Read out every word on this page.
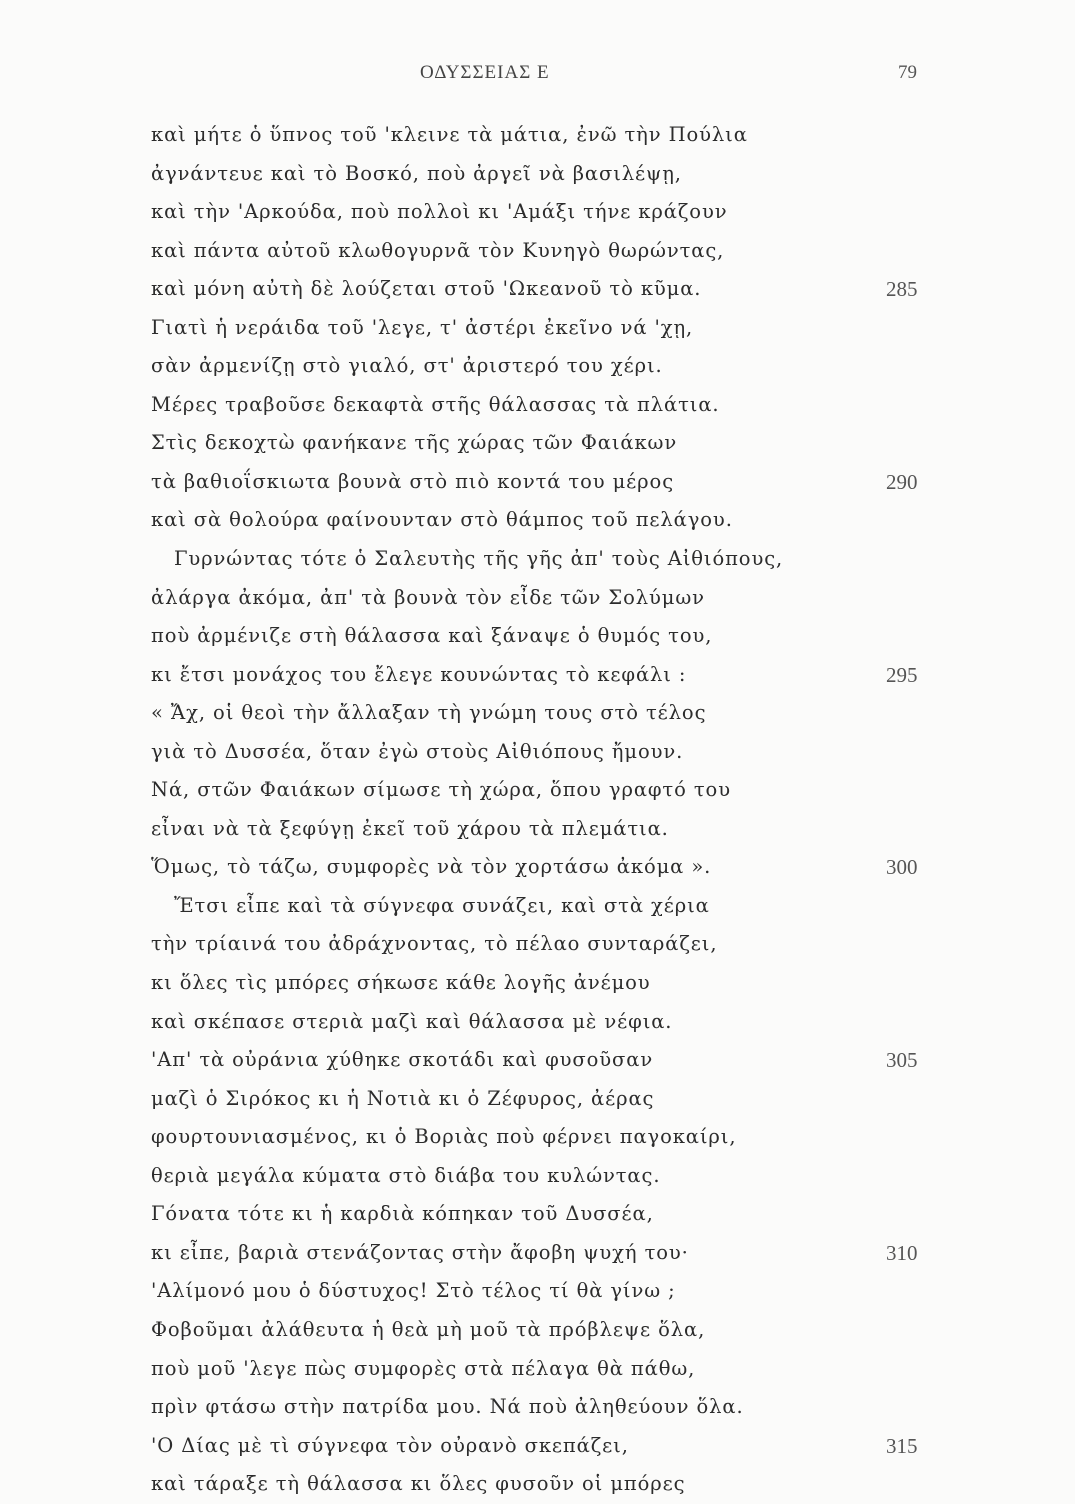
ΟΔΥΣΣΕΙΑΣ Ε	79
καὶ μήτε ὁ ὕπνος τοῦ 'κλεινε τὰ μάτια, ἐνῶ τὴν Πούλια
ἀγνάντευε καὶ τὸ Βοσκό, ποὺ ἀργεῖ νὰ βασιλέψῃ,
καὶ τὴν 'Αρκούδα, ποὺ πολλοὶ κι 'Αμάξι τήνε κράζουν
καὶ πάντα αὐτοῦ κλωθογυρνᾶ τὸν Κυνηγὸ θωρώντας,
καὶ μόνη αὐτὴ δὲ λούζεται στοῦ 'Ωκεανοῦ τὸ κῦμα.	285
Γιατὶ ἡ νεράιδα τοῦ 'λεγε, τ' ἀστέρι ἐκεῖνο νά 'χῃ,
σὰν ἀρμενίζῃ στὸ γιαλό, στ' ἀριστερό του χέρι.
Μέρες τραβοῦσε δεκαφτὰ στῆς θάλασσας τὰ πλάτια.
Στὶς δεκοχτὼ φανήκανε τῆς χώρας τῶν Φαιάκων
τὰ βαθιοΐσκιωτα βουνὰ στὸ πιὸ κοντά του μέρος	290
καὶ σὰ θολούρα φαίνουνταν στὸ θάμπος τοῦ πελάγου.
Γυρνώντας τότε ὁ Σαλευτὴς τῆς γῆς ἀπ' τοὺς Αἰθιόπους,
ἀλάργα ἀκόμα, ἀπ' τὰ βουνὰ τὸν εἶδε τῶν Σολύμων
ποὺ ἀρμένιζε στὴ θάλασσα καὶ ξάναψε ὁ θυμός του,
κι ἔτσι μονάχος του ἔλεγε κουνώντας τὸ κεφάλι :	295
« Ἄχ, οἱ θεοὶ τὴν ἄλλαξαν τὴ γνώμη τους στὸ τέλος
γιὰ τὸ Δυσσέα, ὅταν ἐγὼ στοὺς Αἰθιόπους ἤμουν.
Νά, στῶν Φαιάκων σίμωσε τὴ χώρα, ὅπου γραφτό του
εἶναι νὰ τὰ ξεφύγῃ ἐκεῖ τοῦ χάρου τὰ πλεμάτια.
Ὅμως, τὸ τάζω, συμφορὲς νὰ τὸν χορτάσω ἀκόμα ».	300
Ἔτσι εἶπε καὶ τὰ σύγνεφα συνάζει, καὶ στὰ χέρια
τὴν τρίαινά του ἀδράχνοντας, τὸ πέλαο συνταράζει,
κι ὅλες τὶς μπόρες σήκωσε κάθε λογῆς ἀνέμου
καὶ σκέπασε στεριὰ μαζὶ καὶ θάλασσα μὲ νέφια.
'Απ' τὰ οὐράνια χύθηκε σκοτάδι καὶ φυσοῦσαν	305
μαζὶ ὁ Σιρόκος κι ἡ Νοτιὰ κι ὁ Ζέφυρος, ἀέρας
φουρτουνιασμένος, κι ὁ Βοριὰς ποὺ φέρνει παγοκαίρι,
θεριὰ μεγάλα κύματα στὸ διάβα του κυλώντας.
Γόνατα τότε κι ἡ καρδιὰ κόπηκαν τοῦ Δυσσέα,
κι εἶπε, βαριὰ στενάζοντας στὴν ἄφοβη ψυχή του·	310
'Αλίμονό μου ὁ δύστυχος! Στὸ τέλος τί θὰ γίνω ;
Φοβοῦμαι ἀλάθευτα ἡ θεὰ μὴ μοῦ τὰ πρόβλεψε ὅλα,
ποὺ μοῦ 'λεγε πὼς συμφορὲς στὰ πέλαγα θὰ πάθω,
πρὶν φτάσω στὴν πατρίδα μου. Νά ποὺ ἀληθεύουν ὅλα.
'Ο Δίας μὲ τὶ σύγνεφα τὸν οὐρανὸ σκεπάζει,	315
καὶ τάραξε τὴ θάλασσα κι ὅλες φυσοῦν οἱ μπόρες
